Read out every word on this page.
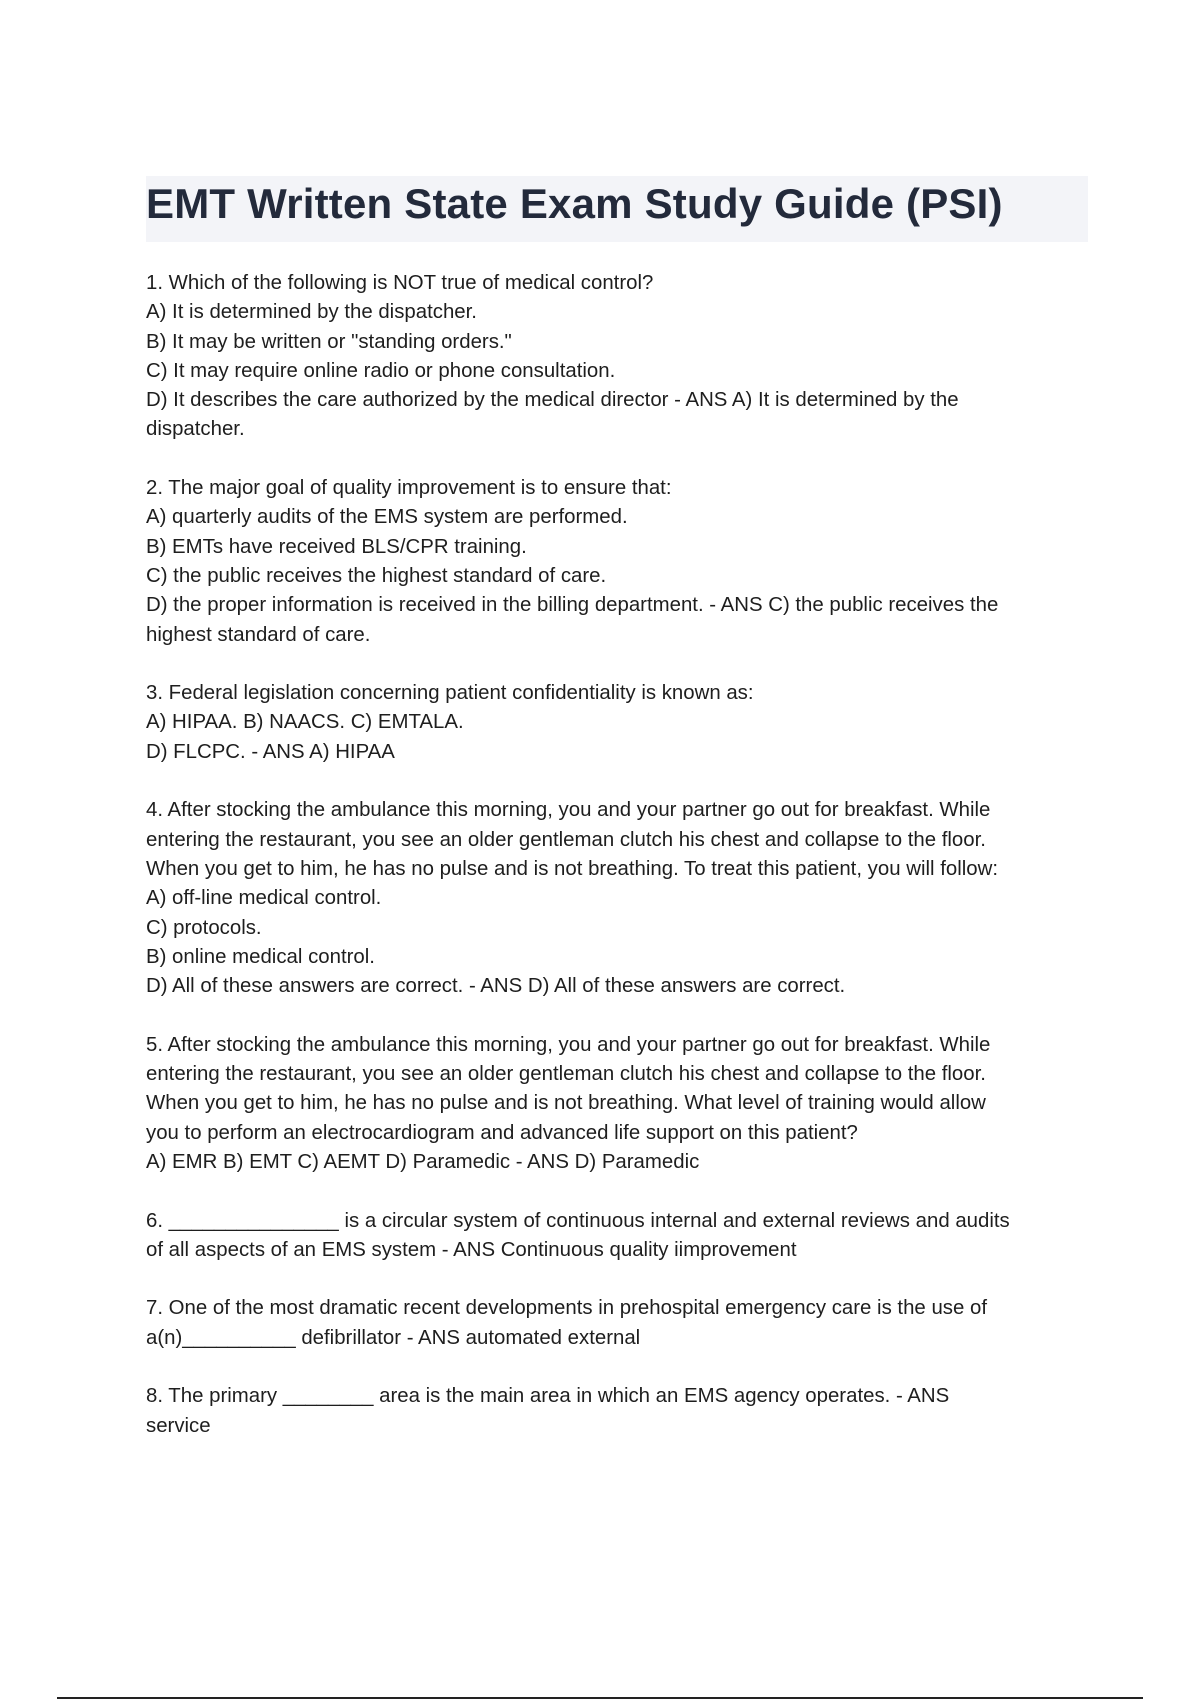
EMT Written State Exam Study Guide (PSI)
1. Which of the following is NOT true of medical control?
A) It is determined by the dispatcher.
B) It may be written or "standing orders."
C) It may require online radio or phone consultation.
D) It describes the care authorized by the medical director - ANS A) It is determined by the
dispatcher.
2. The major goal of quality improvement is to ensure that:
A) quarterly audits of the EMS system are performed.
B) EMTs have received BLS/CPR training.
C) the public receives the highest standard of care.
D) the proper information is received in the billing department. - ANS C) the public receives the
highest standard of care.
3. Federal legislation concerning patient confidentiality is known as:
A) HIPAA. B) NAACS. C) EMTALA.
D) FLCPC. - ANS A) HIPAA
4. After stocking the ambulance this morning, you and your partner go out for breakfast. While
entering the restaurant, you see an older gentleman clutch his chest and collapse to the floor.
When you get to him, he has no pulse and is not breathing. To treat this patient, you will follow:
A) off-line medical control.
C) protocols.
B) online medical control.
D) All of these answers are correct. - ANS D) All of these answers are correct.
5. After stocking the ambulance this morning, you and your partner go out for breakfast. While
entering the restaurant, you see an older gentleman clutch his chest and collapse to the floor.
When you get to him, he has no pulse and is not breathing. What level of training would allow
you to perform an electrocardiogram and advanced life support on this patient?
A) EMR B) EMT C) AEMT D) Paramedic - ANS D) Paramedic
6. _______________ is a circular system of continuous internal and external reviews and audits
of all aspects of an EMS system - ANS Continuous quality iimprovement
7. One of the most dramatic recent developments in prehospital emergency care is the use of
a(n)__________ defibrillator - ANS automated external
8. The primary ________ area is the main area in which an EMS agency operates. - ANS
service
